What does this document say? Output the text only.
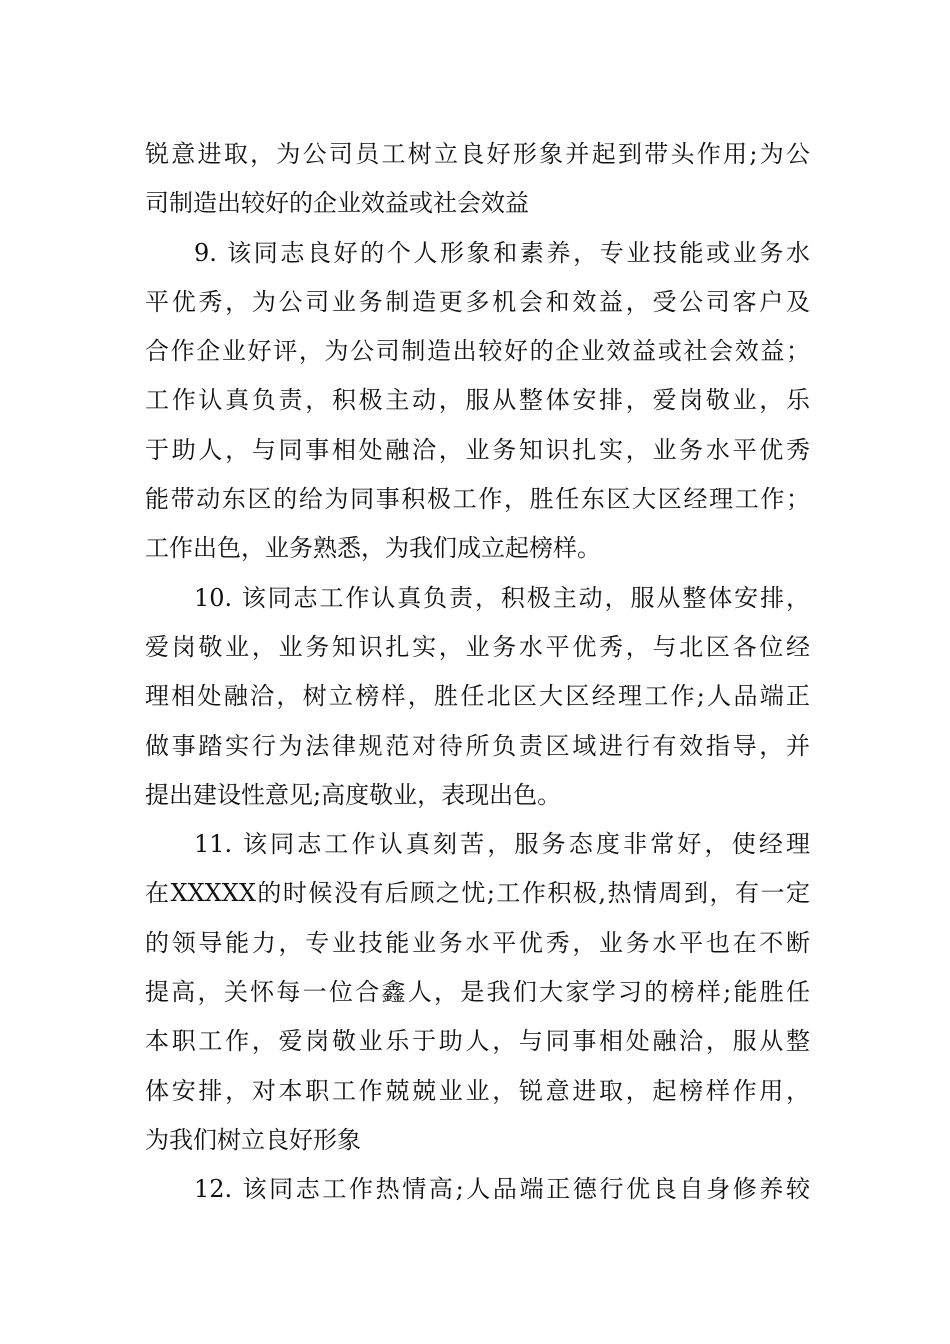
锐意进取，为公司员工树立良好形象并起到带头作用;为公
司制造出较好的企业效益或社会效益
9. 该同志良好的个人形象和素养，专业技能或业务水
平优秀，为公司业务制造更多机会和效益，受公司客户及
合作企业好评，为公司制造出较好的企业效益或社会效益；
工作认真负责，积极主动，服从整体安排，爱岗敬业，乐
于助人，与同事相处融洽，业务知识扎实，业务水平优秀
能带动东区的给为同事积极工作，胜任东区大区经理工作；
工作出色，业务熟悉，为我们成立起榜样。
10. 该同志工作认真负责，积极主动，服从整体安排，
爱岗敬业，业务知识扎实，业务水平优秀，与北区各位经
理相处融洽，树立榜样，胜任北区大区经理工作;人品端正
做事踏实行为法律规范对待所负责区域进行有效指导，并
提出建设性意见;高度敬业，表现出色。
11. 该同志工作认真刻苦，服务态度非常好，使经理
在XXXXX的时候没有后顾之忧;工作积极,热情周到，有一定
的领导能力，专业技能业务水平优秀，业务水平也在不断
提高，关怀每一位合鑫人，是我们大家学习的榜样;能胜任
本职工作，爱岗敬业乐于助人，与同事相处融洽，服从整
体安排，对本职工作兢兢业业，锐意进取，起榜样作用，
为我们树立良好形象
12. 该同志工作热情高;人品端正德行优良自身修养较
